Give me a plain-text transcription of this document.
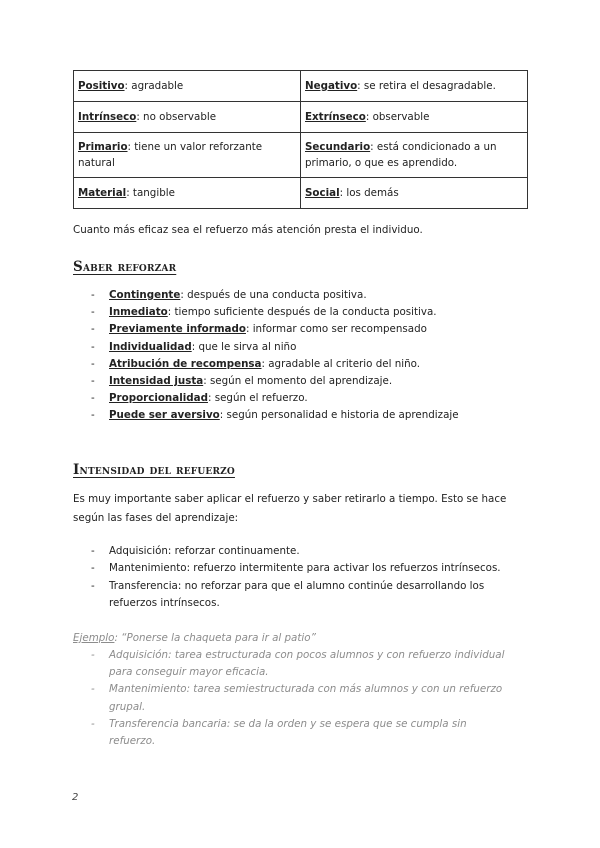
Positivo: agradable	Negativo: se retira el desagradable.
Intrínseco: no observable	Extrínseco: observable
Primario: tiene un valor reforzante natural	Secundario: está condicionado a un primario, o que es aprendido.
Material: tangible	Social: los demás

Cuanto más eficaz sea el refuerzo más atención presta el individuo.

Saber reforzar
- Contingente: después de una conducta positiva.
- Inmediato: tiempo suficiente después de la conducta positiva.
- Previamente informado: informar como ser recompensado
- Individualidad: que le sirva al niño
- Atribución de recompensa: agradable al criterio del niño.
- Intensidad justa: según el momento del aprendizaje.
- Proporcionalidad: según el refuerzo.
- Puede ser aversivo: según personalidad e historia de aprendizaje
Intensidad del refuerzo

Es muy importante saber aplicar el refuerzo y saber retirarlo a tiempo. Esto se hace según las fases del aprendizaje:

- Adquisición: reforzar continuamente.
- Mantenimiento: refuerzo intermitente para activar los refuerzos intrínsecos.
- Transferencia: no reforzar para que el alumno continúe desarrollando los refuerzos intrínsecos.

Ejemplo: “Ponerse la chaqueta para ir al patio”

- Adquisición: tarea estructurada con pocos alumnos y con refuerzo individual para conseguir mayor eficacia.
- Mantenimiento: tarea semiestructurada con más alumnos y con un refuerzo grupal.
- Transferencia bancaria: se da la orden y se espera que se cumpla sin refuerzo.
2
